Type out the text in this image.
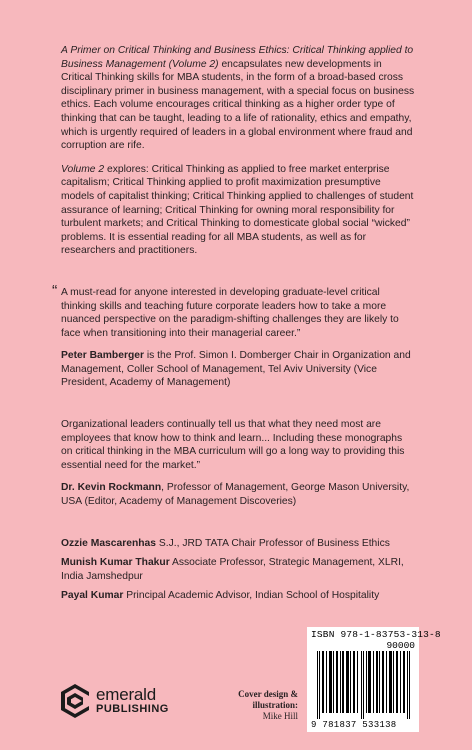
A Primer on Critical Thinking and Business Ethics: Critical Thinking applied to Business Management (Volume 2) encapsulates new developments in Critical Thinking skills for MBA students, in the form of a broad-based cross disciplinary primer in business management, with a special focus on business ethics. Each volume encourages critical thinking as a higher order type of thinking that can be taught, leading to a life of rationality, ethics and empathy, which is urgently required of leaders in a global environment where fraud and corruption are rife.

Volume 2 explores: Critical Thinking as applied to free market enterprise capitalism; Critical Thinking applied to profit maximization presumptive models of capitalist thinking; Critical Thinking applied to challenges of student assurance of learning; Critical Thinking for owning moral responsibility for turbulent markets; and Critical Thinking to domesticate global social “wicked” problems. It is essential reading for all MBA students, as well as for researchers and practitioners.

“ A must-read for anyone interested in developing graduate-level critical thinking skills and teaching future corporate leaders how to take a more nuanced perspective on the paradigm-shifting challenges they are likely to face when transitioning into their managerial career.”

Peter Bamberger is the Prof. Simon I. Domberger Chair in Organization and Management, Coller School of Management, Tel Aviv University (Vice President, Academy of Management)

Organizational leaders continually tell us that what they need most are employees that know how to think and learn... Including these monographs on critical thinking in the MBA curriculum will go a long way to providing this essential need for the market.”

Dr. Kevin Rockmann, Professor of Management, George Mason University, USA (Editor, Academy of Management Discoveries)

Ozzie Mascarenhas S.J., JRD TATA Chair Professor of Business Ethics

Munish Kumar Thakur Associate Professor, Strategic Management, XLRI, India Jamshedpur

Payal Kumar Principal Academic Advisor, Indian School of Hospitality

emerald
PUBLISHING
Cover design & illustration:
Mike Hill
ISBN 978-1-83753-313-8
90000
9 781837 533138
